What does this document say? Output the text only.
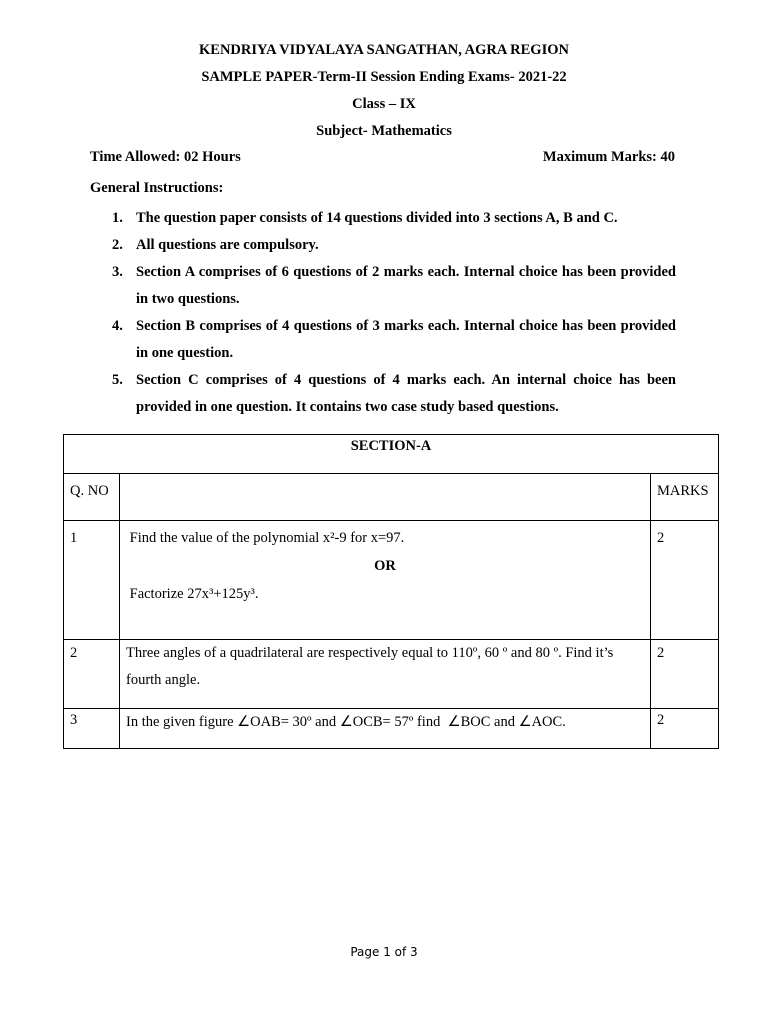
KENDRIYA VIDYALAYA SANGATHAN, AGRA REGION
SAMPLE PAPER-Term-II Session Ending Exams- 2021-22
Class – IX
Subject- Mathematics
Time Allowed: 02 Hours	Maximum Marks: 40
General Instructions:
1. The question paper consists of 14 questions divided into 3 sections A, B and C.
2. All questions are compulsory.
3. Section A comprises of 6 questions of 2 marks each. Internal choice has been provided in two questions.
4. Section B comprises of 4 questions of 3 marks each. Internal choice has been provided in one question.
5. Section C comprises of 4 questions of 4 marks each. An internal choice has been provided in one question. It contains two case study based questions.
SECTION-A		
Q. NO		MARKS
1	Find the value of the polynomial x²-9 for x=97.
OR
Factorize 27x³+125y³.	2
2	Three angles of a quadrilateral are respectively equal to 110º, 60 º and 80 º. Find it’s fourth angle.	2
3	In the given figure ∠OAB= 30º and ∠OCB= 57º find  ∠BOC and ∠AOC.	2
Page 1 of 3
